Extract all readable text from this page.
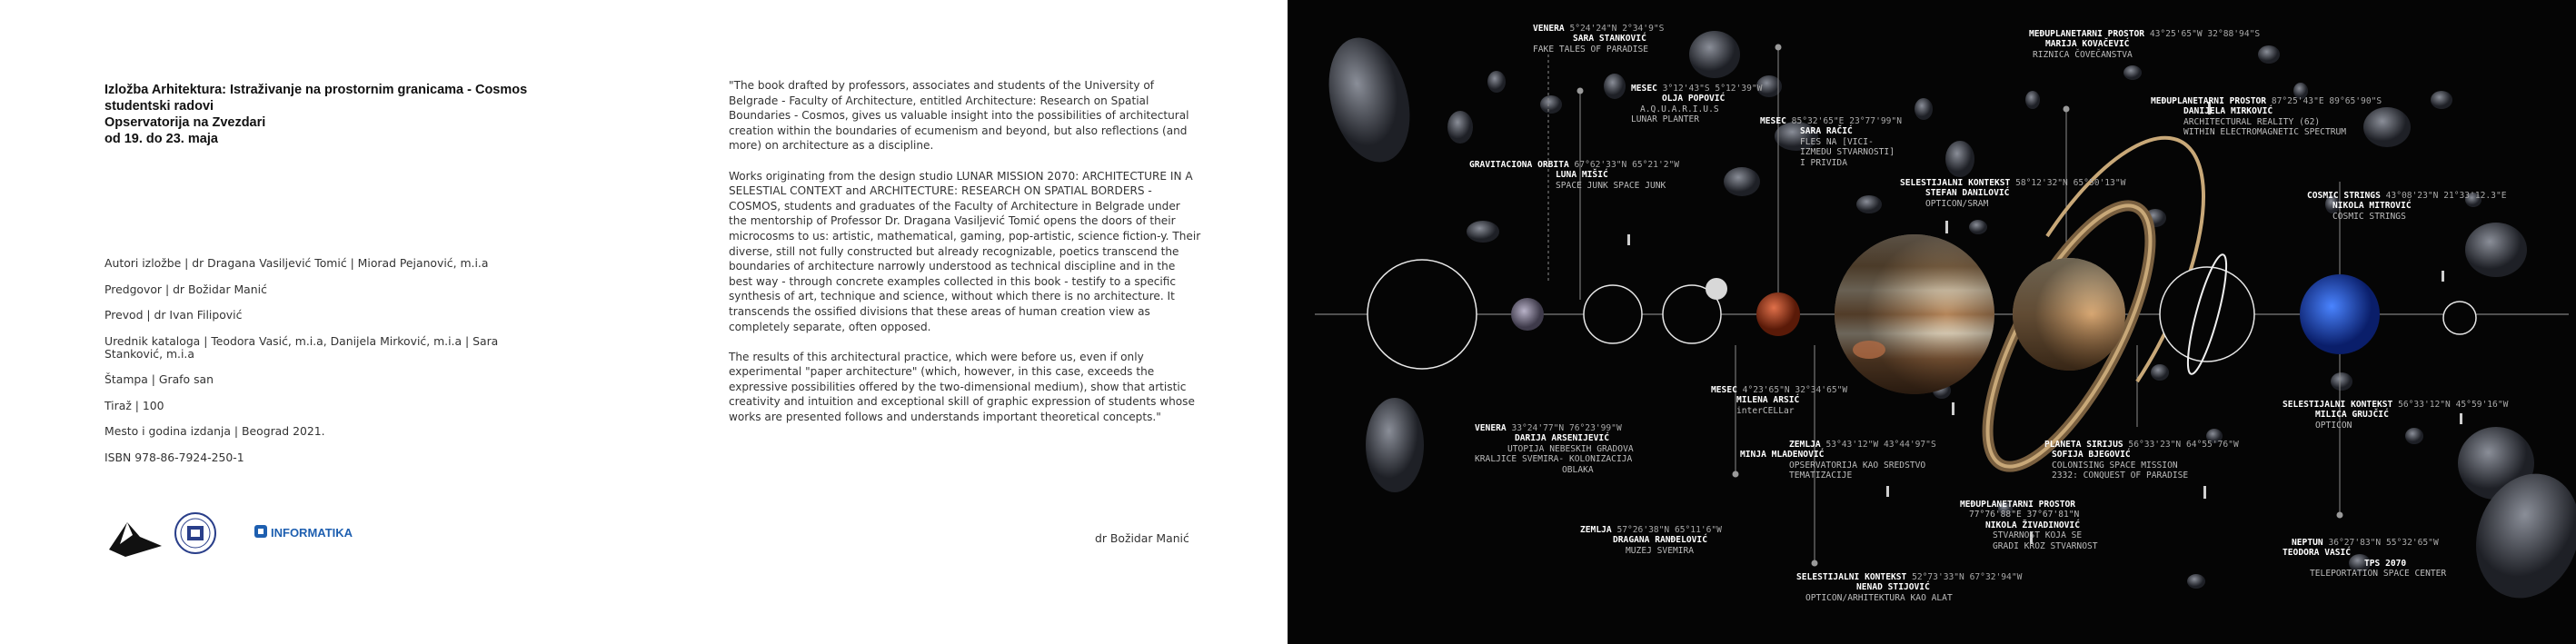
Izložba Arhitektura: Istraživanje na prostornim granicama - Cosmos
studentski radovi
Opservatorija na Zvezdari
od 19. do 23. maja
Autori izložbe | dr Dragana Vasiljević Tomić | Miorad Pejanović, m.i.a
Predgovor | dr Božidar Manić
Prevod | dr Ivan Filipović
Urednik kataloga | Teodora Vasić, m.i.a, Danijela Mirković, m.i.a | Sara Stanković, m.i.a
Štampa | Grafo san
Tiraž | 100
Mesto i godina izdanja | Beograd 2021.
ISBN 978-86-7924-250-1
INFORMATIKA

"The book drafted by professors, associates and students of the University of Belgrade - Faculty of Architecture, entitled Architecture: Research on Spatial Boundaries - Cosmos, gives us valuable insight into the possibilities of architectural creation within the boundaries of ecumenism and beyond, but also reflections (and more) on architecture as a discipline.

Works originating from the design studio LUNAR MISSION 2070: ARCHITECTURE IN A SELESTIAL CONTEXT and ARCHITECTURE: RESEARCH ON SPATIAL BORDERS - COSMOS, students and graduates of the Faculty of Architecture in Belgrade under the mentorship of Professor Dr. Dragana Vasiljević Tomić opens the doors of their microcosms to us: artistic, mathematical, gaming, pop-artistic, science fiction-y. Their diverse, still not fully constructed but already recognizable, poetics transcend the boundaries of architecture narrowly understood as technical discipline and in the best way - through concrete examples collected in this book - testify to a specific synthesis of art, technique and science, without which there is no architecture. It transcends the ossified divisions that these areas of human creation view as completely separate, often opposed.

The results of this architectural practice, which were before us, even if only experimental "paper architecture" (which, however, in this case, exceeds the expressive possibilities offered by the two-dimensional medium), show that artistic creativity and intuition and exceptional skill of graphic expression of students whose works are presented follows and understands important theoretical concepts."

dr Božidar Manić
VENERA 5°24'24"N 2°34'9"S
SARA STANKOVIĆ
FAKE TALES OF PARADISE
MESEC 3°12'43"S 5°12'39"W
OLJA POPOVIĆ
A.Q.U.A.R.I.U.S
LUNAR PLANTER	MESEC 85°32'65"E 23°77'99"N
SARA RAČIĆ
FLES NA [VICI-
IZMEDU STVARNOSTI]
I PRIVIDA
GRAVITACIONA ORBITA 67°62'33"N 65°21'2"W
LUNA MIŠIĆ
SPACE JUNK SPACE JUNK
MEĐUPLANETARNI PROSTOR 43°25'65"W 32°88'94"S
MARIJA KOVAČEVIĆ
RIZNICA ČOVEČANSTVA
MEĐUPLANETARNI PROSTOR 87°25'43"E 89°65'90"S
DANIJELA MIRKOVIĆ
ARCHITECTURAL REALITY (62)
WITHIN ELECTROMAGNETIC SPECTRUM
SELESTIJALNI KONTEKST 58°12'32"N 65°50'13"W
STEFAN DANILOVIĆ
OPTICON/SRAM
COSMIC STRINGS 43°08'23"N 21°33'12.3"E
NIKOLA MITROVIĆ
COSMIC STRINGS
MESEC 4°23'65"N 32°34'65"W
MILENA ARSIĆ
interCELLar
VENERA 33°24'77"N 76°23'99"W
DARIJA ARSENIJEVIĆ
UTOPIJA NEBESKIH GRADOVA
KRALJICE SVEMIRA- KOLONIZACIJA
OBLAKA
ZEMLJA 53°43'12"W 43°44'97"S
MINJA MLADENOVIĆ
OPSERVATORIJA KAO SREDSTVO
TEMATIZACIJE
PLANETA SIRIJUS 56°33'23"N 64°55'76"W
SOFIJA BJEGOVIĆ
COLONISING SPACE MISSION
2332: CONQUEST OF PARADISE
SELESTIJALNI KONTEKST 56°33'12"N 45°59'16"W
MILICA GRUJČIĆ
OPTICON
MEĐUPLANETARNI PROSTOR
77°76'88"E 37°67'81"N
NIKOLA ŽIVADINOVIĆ
STVARNOST KOJA SE
GRADI KROZ STVARNOST
ZEMLJA 57°26'38"N 65°11'6"W
DRAGANA RANĐELOVIĆ
MUZEJ SVEMIRA
NEPTUN 36°27'83"N 55°32'65"W
TEODORA VASIĆ
TPS 2070
TELEPORTATION SPACE CENTER
SELESTIJALNI KONTEKST 52°73'33"N 67°32'94"W
NENAD STIJOVIĆ
OPTICON/ARHITEKTURA KAO ALAT
